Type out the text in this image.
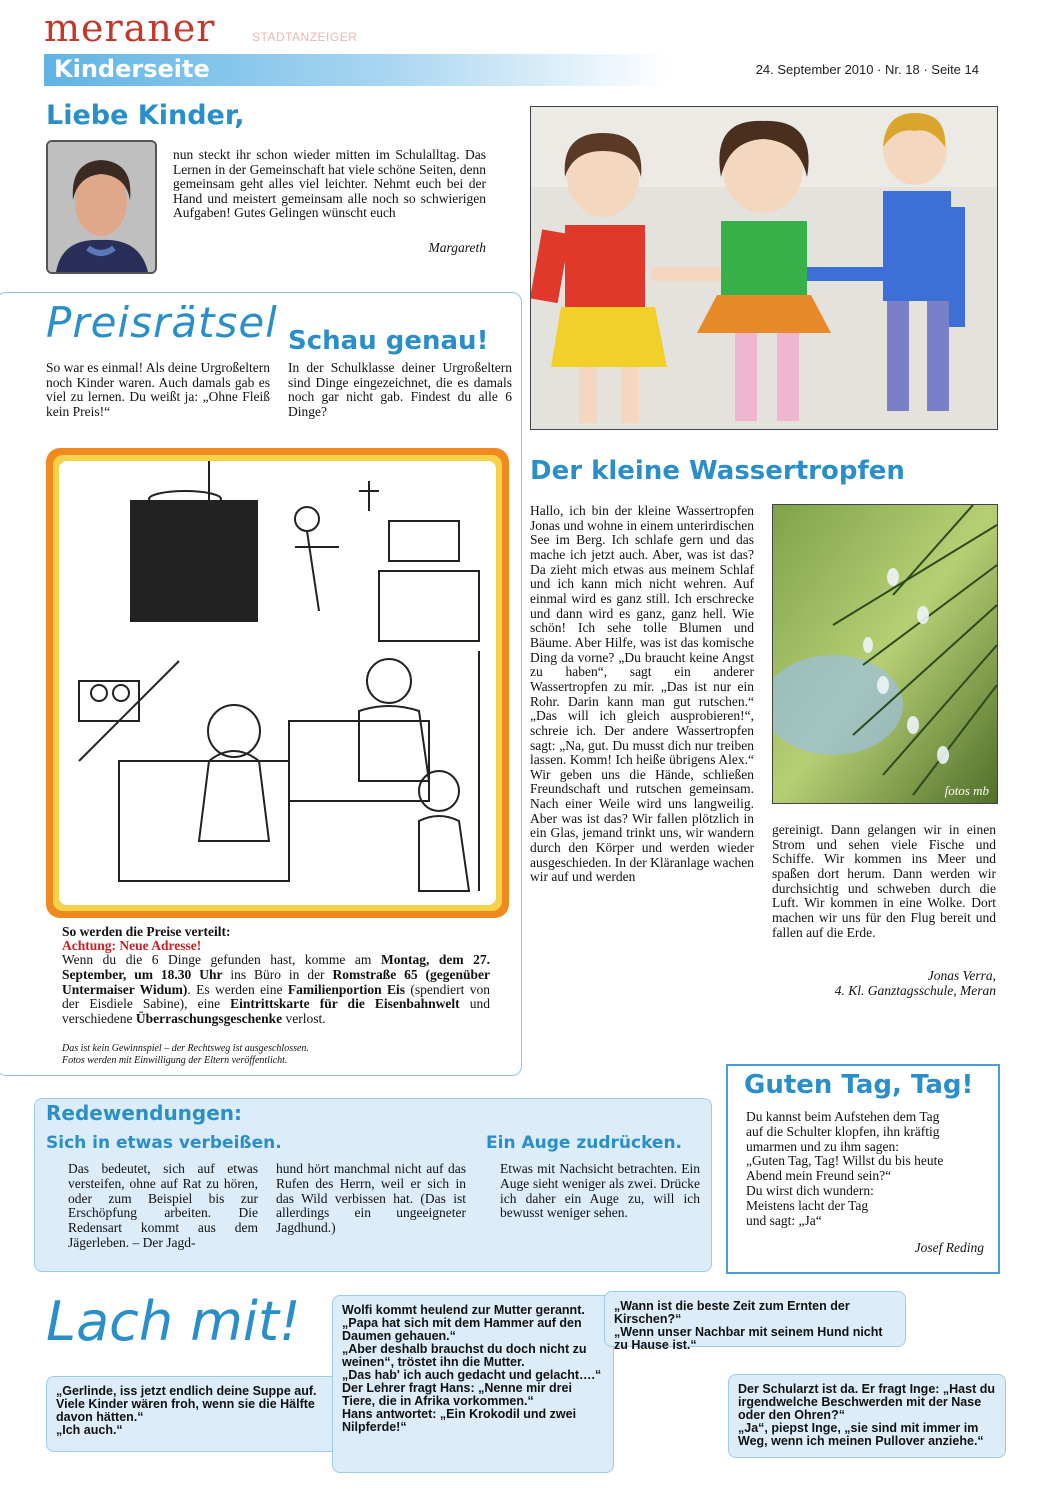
meraner	STADTANZEIGER
Kinderseite	24. September 2010 · Nr. 18 · Seite 14
Liebe Kinder,

nun steckt ihr schon wieder mitten im Schulalltag. Das Lernen in der Gemeinschaft hat viele schöne Seiten, denn gemeinsam geht alles viel leichter. Nehmt euch bei der Hand und meistert gemeinsam alle noch so schwierigen Aufgaben! Gutes Gelingen wünscht euch

Margareth

Preisrätsel Schau genau!

So war es einmal! Als deine Urgroßeltern noch Kinder waren. Auch damals gab es viel zu lernen. Du weißt ja: „Ohne Fleiß kein Preis!“

In der Schulklasse deiner Urgroßeltern sind Dinge eingezeichnet, die es damals noch gar nicht gab. Findest du alle 6 Dinge?

So werden die Preise verteilt:

Achtung: Neue Adresse!

Wenn du die 6 Dinge gefunden hast, komme am Montag, dem 27. September, um 18.30 Uhr ins Büro in der Romstraße 65 (gegenüber Untermaiser Widum). Es werden eine Familienportion Eis (spendiert von der Eisdiele Sabine), eine Eintrittskarte für die Eisenbahnwelt und verschiedene Überraschungsgeschenke verlost.

Das ist kein Gewinnspiel – der Rechtsweg ist ausgeschlossen.

Fotos werden mit Einwilligung der Eltern veröffentlicht.

Der kleine Wassertropfen

Hallo, ich bin der kleine Wassertropfen Jonas und wohne in einem unterirdischen See im Berg. Ich schlafe gern und das mache ich jetzt auch. Aber, was ist das? Da zieht mich etwas aus meinem Schlaf und ich kann mich nicht wehren. Auf einmal wird es ganz still. Ich erschrecke und dann wird es ganz, ganz hell. Wie schön! Ich sehe tolle Blumen und Bäume. Aber Hilfe, was ist das komische Ding da vorne? „Du braucht keine Angst zu haben“, sagt ein anderer Wassertropfen zu mir. „Das ist nur ein Rohr. Darin kann man gut rutschen.“ „Das will ich gleich ausprobieren!“, schreie ich. Der andere Wassertropfen sagt: „Na, gut. Du musst dich nur treiben lassen. Komm! Ich heiße übrigens Alex.“ Wir geben uns die Hände, schließen Freundschaft und rutschen gemeinsam. Nach einer Weile wird uns langweilig. Aber was ist das? Wir fallen plötzlich in ein Glas, jemand trinkt uns, wir wandern durch den Körper und werden wieder ausgeschieden. In der Kläranlage wachen wir auf und werden

fotos mb

gereinigt. Dann gelangen wir in einen Strom und sehen viele Fische und Schiffe. Wir kommen ins Meer und spaßen dort herum. Dann werden wir durchsichtig und schweben durch die Luft. Wir kommen in eine Wolke. Dort machen wir uns für den Flug bereit und fallen auf die Erde.

Jonas Verra,

4. Kl. Ganztagsschule, Meran

Redewendungen:
Sich in etwas verbeißen.

Das bedeutet, sich auf etwas versteifen, ohne auf Rat zu hören, oder zum Beispiel bis zur Erschöpfung arbeiten. Die Redensart kommt aus dem Jägerleben. – Der Jagd-

hund hört manchmal nicht auf das Rufen des Herrn, weil er sich in das Wild verbissen hat. (Das ist allerdings ein ungeeigneter Jagdhund.)

Ein Auge zudrücken.

Etwas mit Nachsicht betrachten. Ein Auge sieht weniger als zwei. Drücke ich daher ein Auge zu, will ich bewusst weniger sehen.

Guten Tag, Tag!
Du kannst beim Aufstehen dem Tag
auf die Schulter klopfen, ihn kräftig
umarmen und zu ihm sagen:
„Guten Tag, Tag! Willst du bis heute
Abend mein Freund sein?“
Du wirst dich wundern:
Meistens lacht der Tag
und sagt: „Ja“

Josef Reding

Lach mit!

„Gerlinde, iss jetzt endlich deine Suppe auf. Viele Kinder wären froh, wenn sie die Hälfte davon hätten.“

„Ich auch.“

Wolfi kommt heulend zur Mutter gerannt.

„Papa hat sich mit dem Hammer auf den Daumen gehauen.“

„Aber deshalb brauchst du doch nicht zu weinen“, tröstet ihn die Mutter.

„Das hab' ich auch gedacht und gelacht….“

Der Lehrer fragt Hans: „Nenne mir drei Tiere, die in Afrika vorkommen.“

Hans antwortet: „Ein Krokodil und zwei Nilpferde!“

„Wann ist die beste Zeit zum Ernten der Kirschen?“

„Wenn unser Nachbar mit seinem Hund nicht zu Hause ist.“

Der Schularzt ist da. Er fragt Inge: „Hast du irgendwelche Beschwerden mit der Nase oder den Ohren?“

„Ja“, piepst Inge, „sie sind mit immer im Weg, wenn ich meinen Pullover anziehe.“
